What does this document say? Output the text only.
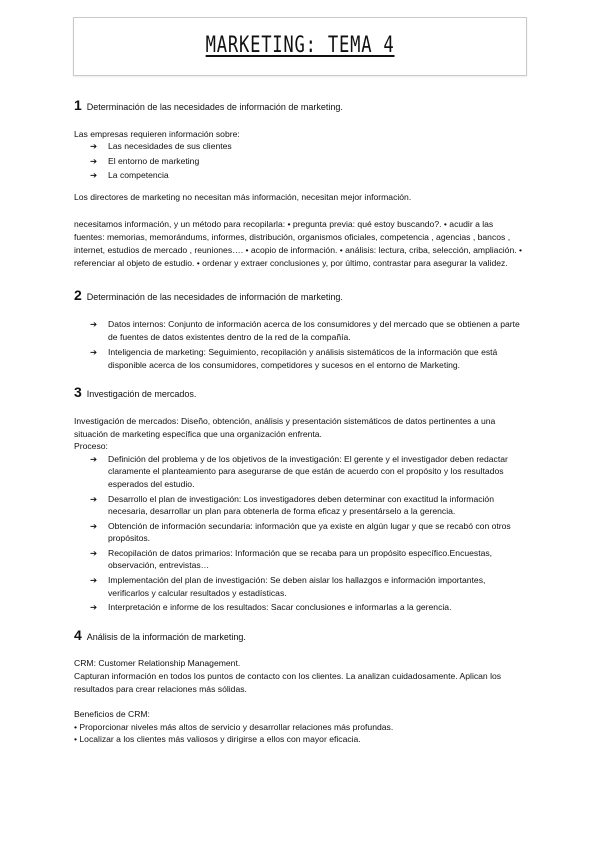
MARKETING: TEMA 4
1 Determinación de las necesidades de información de marketing.

Las empresas requieren información sobre:

➔ Las necesidades de sus clientes
➔ El entorno de marketing
➔ La competencia

Los directores de marketing no necesitan más información, necesitan mejor información.

necesitamos información, y un método para recopilarla: • pregunta previa: qué estoy buscando?. • acudir a las fuentes: memorias, memorándums, informes, distribución, organismos oficiales, competencia , agencias , bancos , internet, estudios de mercado , reuniones…. • acopio de información. • análisis: lectura, criba, selección, ampliación. • referenciar al objeto de estudio. • ordenar y extraer conclusiones y, por último, contrastar para asegurar la validez.

2 Determinación de las necesidades de información de marketing.
➔ Datos internos: Conjunto de información acerca de los consumidores y del mercado que se obtienen a parte de fuentes de datos existentes dentro de la red de la compañía.
➔ Inteligencia de marketing: Seguimiento, recopilación y análisis sistemáticos de la información que está disponible acerca de los consumidores, competidores y sucesos en el entorno de Marketing.
3 Investigación de mercados.

Investigación de mercados: Diseño, obtención, análisis y presentación sistemáticos de datos pertinentes a una situación de marketing específica que una organización enfrenta.

Proceso:

➔ Definición del problema y de los objetivos de la investigación: El gerente y el investigador deben redactar claramente el planteamiento para asegurarse de que están de acuerdo con el propósito y los resultados esperados del estudio.
➔ Desarrollo el plan de investigación: Los investigadores deben determinar con exactitud la información necesaria, desarrollar un plan para obtenerla de forma eficaz y presentárselo a la gerencia.
➔ Obtención de información secundaria: información que ya existe en algún lugar y que se recabó con otros propósitos.
➔ Recopilación de datos primarios: Información que se recaba para un propósito específico.Encuestas, observación, entrevistas…
➔ Implementación del plan de investigación: Se deben aislar los hallazgos e información importantes, verificarlos y calcular resultados y estadísticas.
➔ Interpretación e informe de los resultados: Sacar conclusiones e informarlas a la gerencia.
4 Análisis de la información de marketing.

CRM: Customer Relationship Management.

Capturan información en todos los puntos de contacto con los clientes. La analizan cuidadosamente. Aplican los resultados para crear relaciones más sólidas.

Beneficios de CRM:

• Proporcionar niveles más altos de servicio y desarrollar relaciones más profundas.

• Localizar a los clientes más valiosos y dirigirse a ellos con mayor eficacia.
